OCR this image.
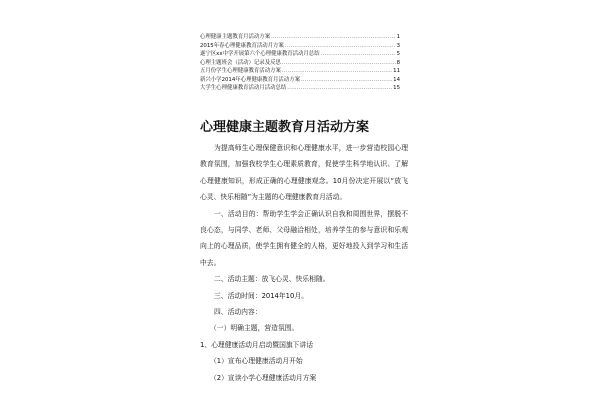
心理健康主题教育月活动方案 .....	1
2015年春心理健康教育活动月方案 .....	3
遂宁区xx中学开展第六个心理健康教育活动月总结 .....	5
心理主题班会（活动）记录及反思 .....	8
五月份学生心理健康教育活动方案 .....	11
新兴小学2014年心理健康教育月活动方案 .....	14
大学生心理健康教育活动月活动总结 .....	15
心理健康主题教育月活动方案

为提高师生心理保健意识和心理健康水平，进一步营造校园心理教育氛围，加强我校学生心理素质教育，促使学生科学地认识、了解心理健康知识，形成正确的心理健康观念。10月份决定开展以“放飞心灵、快乐相随”为主题的心理健康教育月活动。

一、活动目的：帮助学生学会正确认识自我和周围世界，摆脱不良心态，与同学、老师、父母融洽相处，培养学生的参与意识和乐观向上的心理品质，使学生拥有健全的人格，更好地投入到学习和生活中去。

二、活动主题：放飞心灵、快乐相随。

三、活动时间：2014年10月。

四、活动内容：

（一）明确主题，营造氛围。

1、心理健康活动月启动暨国旗下讲话

（1）宣布心理健康活动月开始

（2）宣读小学心理健康活动月方案
